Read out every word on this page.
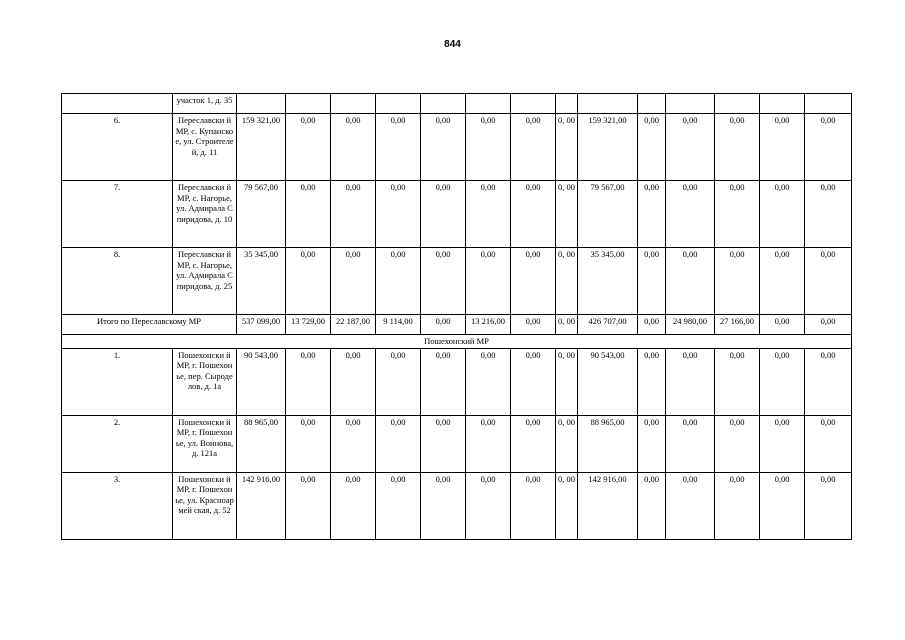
844
	участок 1, д. 35														
6.	Переславски й МР, с. Купанское, ул. Строителей, д. 11	159 321,00	0,00	0,00	0,00	0,00	0,00	0,00	0, 00	159 321,00	0,00	0,00	0,00	0,00	0,00
7.	Переславски й МР, с. Нагорье, ул. Адмирала Спиридова, д. 10	79 567,00	0,00	0,00	0,00	0,00	0,00	0,00	0, 00	79 567,00	0,00	0,00	0,00	0,00	0,00
8.	Переславски й МР, с. Нагорье, ул. Адмирала Спиридова, д. 25	35 345,00	0,00	0,00	0,00	0,00	0,00	0,00	0, 00	35 345,00	0,00	0,00	0,00	0,00	0,00
Итого по Переславскому МР		537 099,00	13 729,00	22 187,00	9 114,00	0,00	13 216,00	0,00	0, 00	426 707,00	0,00	24 980,00	27 166,00	0,00	0,00
Пошехонский МР															
1.	Пошехонски й МР, г. Пошехонье, пер. Сыроделов, д. 1а	90 543,00	0,00	0,00	0,00	0,00	0,00	0,00	0, 00	90 543,00	0,00	0,00	0,00	0,00	0,00
2.	Пошехонски й МР, г. Пошехонье, ул. Воинова, д. 121а	88 965,00	0,00	0,00	0,00	0,00	0,00	0,00	0, 00	88 965,00	0,00	0,00	0,00	0,00	0,00
3.	Пошехонски й МР, г. Пошехонье, ул. Красноармей ская, д. 52	142 916,00	0,00	0,00	0,00	0,00	0,00	0,00	0, 00	142 916,00	0,00	0,00	0,00	0,00	0,00
